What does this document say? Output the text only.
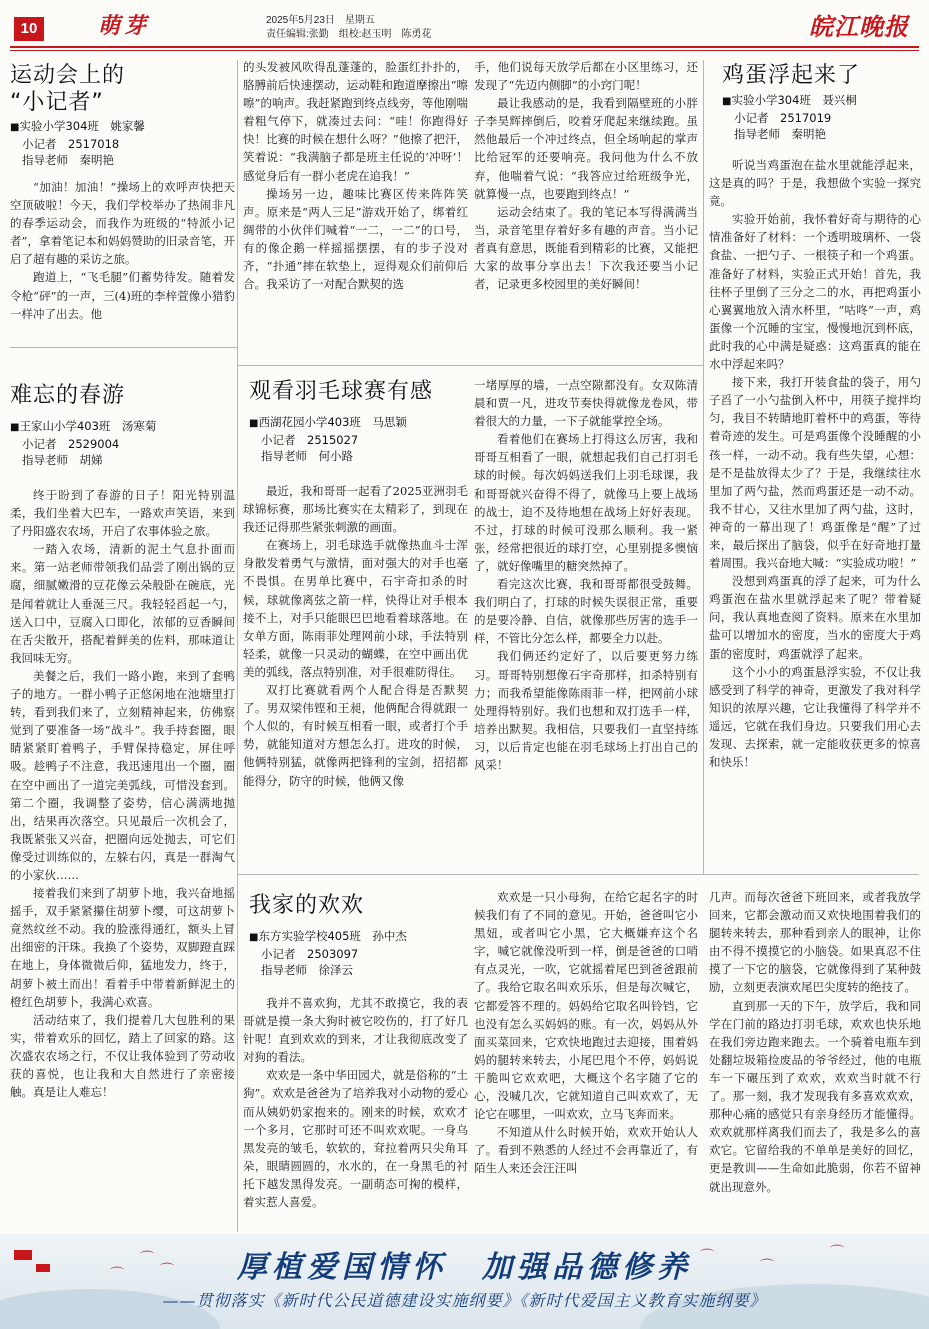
10	萌芽	2025年5月23日　星期五
责任编辑:张勤　组校:赵玉明　陈勇花	皖江晚报
运动会上的
“小记者”
■实验小学304班　姚家馨
小记者　2517018
指导老师　秦明艳

“加油！加油！”操场上的欢呼声快把天空顶破啦！今天，我们学校举办了热闹非凡的春季运动会，而我作为班级的“特派小记者”，拿着笔记本和妈妈赞助的旧录音笔，开启了超有趣的采访之旅。

跑道上，“飞毛腿”们蓄势待发。随着发令枪“砰”的一声，三(4)班的李梓萱像小猎豹一样冲了出去。他

的头发被风吹得乱蓬蓬的，脸蛋红扑扑的，胳膊前后快速摆动，运动鞋和跑道摩擦出“嚓嚓”的响声。我赶紧跑到终点线旁，等他刚喘着粗气停下，就凑过去问：“哇！你跑得好快！比赛的时候在想什么呀？”他擦了把汗，笑着说：“我满脑子都是班主任说的‘冲呀’！感觉身后有一群小老虎在追我！”

操场另一边，趣味比赛区传来阵阵笑声。原来是“两人三足”游戏开始了，绑着红绸带的小伙伴们喊着“一二，一二”的口号，有的像企鹅一样摇摇摆摆，有的步子没对齐，“扑通”摔在软垫上，逗得观众们前仰后合。我采访了一对配合默契的选

手，他们说每天放学后都在小区里练习，还发现了“先迈内侧脚”的小窍门呢！

最让我感动的是，我看到隔壁班的小胖子李昊辉摔倒后，咬着牙爬起来继续跑。虽然他最后一个冲过终点，但全场响起的掌声比给冠军的还要响亮。我问他为什么不放弃，他喘着气说：“我答应过给班级争光，就算慢一点，也要跑到终点！”

运动会结束了。我的笔记本写得满满当当，录音笔里存着好多有趣的声音。当小记者真有意思，既能看到精彩的比赛，又能把大家的故事分享出去！下次我还要当小记者，记录更多校园里的美好瞬间！

鸡蛋浮起来了
■实验小学304班　聂兴桐
小记者　2517019
指导老师　秦明艳

听说当鸡蛋泡在盐水里就能浮起来，这是真的吗？于是，我想做个实验一探究竟。

实验开始前，我怀着好奇与期待的心情准备好了材料：一个透明玻璃杯、一袋食盐、一把勺子、一根筷子和一个鸡蛋。准备好了材料，实验正式开始！首先，我往杯子里倒了三分之二的水，再把鸡蛋小心翼翼地放入清水杯里，“咕咚”一声，鸡蛋像一个沉睡的宝宝，慢慢地沉到杯底，此时我的心中满是疑惑：这鸡蛋真的能在水中浮起来吗？

接下来，我打开装食盐的袋子，用勺子舀了一小勺盐倒入杯中，用筷子搅拌均匀，我目不转睛地盯着杯中的鸡蛋，等待着奇迹的发生。可是鸡蛋像个没睡醒的小孩一样，一动不动。我有些失望，心想：是不是盐放得太少了？于是，我继续往水里加了两勺盐，然而鸡蛋还是一动不动。我不甘心，又往水里加了两勺盐，这时，神奇的一幕出现了！鸡蛋像是“醒”了过来，最后探出了脑袋，似乎在好奇地打量着周围。我兴奋地大喊：“实验成功啦！”

没想到鸡蛋真的浮了起来，可为什么鸡蛋泡在盐水里就浮起来了呢？带着疑问，我认真地查阅了资料。原来在水里加盐可以增加水的密度，当水的密度大于鸡蛋的密度时，鸡蛋就浮了起来。

这个小小的鸡蛋悬浮实验，不仅让我感受到了科学的神奇，更激发了我对科学知识的浓厚兴趣，它让我懂得了科学并不遥远，它就在我们身边。只要我们用心去发现、去探索，就一定能收获更多的惊喜和快乐！

难忘的春游
■王家山小学403班　汤寒菊
小记者　2529004
指导老师　胡娣

终于盼到了春游的日子！阳光特别温柔，我们坐着大巴车，一路欢声笑语，来到了丹阳盛农农场，开启了农事体验之旅。

一踏入农场，清新的泥土气息扑面而来。第一站老师带领我们品尝了刚出锅的豆腐，细腻嫩滑的豆花像云朵般卧在碗底，光是闻着就让人垂涎三尺。我轻轻舀起一勺，送入口中，豆腐入口即化，浓郁的豆香瞬间在舌尖散开，搭配着鲜美的佐料，那味道让我回味无穷。

美餐之后，我们一路小跑，来到了套鸭子的地方。一群小鸭子正悠闲地在池塘里打转，看到我们来了，立刻精神起来，仿佛察觉到了要准备一场“战斗”。我手持套圈，眼睛紧紧盯着鸭子，手臂保持稳定，屏住呼吸。趁鸭子不注意，我迅速甩出一个圈，圈在空中画出了一道完美弧线，可惜没套到。第二个圈，我调整了姿势，信心满满地抛出，结果再次落空。只见最后一次机会了，我既紧张又兴奋，把圈向远处抛去，可它们像受过训练似的，左躲右闪，真是一群淘气的小家伙……

接着我们来到了胡萝卜地，我兴奋地摇摇手，双手紧紧攥住胡萝卜缨，可这胡萝卜竟然纹丝不动。我的脸涨得通红，额头上冒出细密的汗珠。我换了个姿势，双脚蹬直踩在地上，身体微微后仰，猛地发力，终于，胡萝卜被土而出！看着手中带着新鲜泥土的橙红色胡萝卜，我满心欢喜。

活动结束了，我们提着几大包胜利的果实，带着欢乐的回忆，踏上了回家的路。这次盛农农场之行，不仅让我体验到了劳动收获的喜悦，也让我和大自然进行了亲密接触。真是让人难忘！

观看羽毛球赛有感
■西湖花园小学403班　马思颖
小记者　2515027
指导老师　何小路

最近，我和哥哥一起看了2025亚洲羽毛球锦标赛，那场比赛实在太精彩了，到现在我还记得那些紧张刺激的画面。

在赛场上，羽毛球选手就像热血斗士浑身散发着勇气与激情，面对强大的对手也毫不畏惧。在男单比赛中，石宇奇扣杀的时候，球就像离弦之箭一样，快得让对手根本接不上，对手只能眼巴巴地看着球落地。在女单方面，陈雨菲处理网前小球，手法特别轻柔，就像一只灵动的蝴蝶，在空中画出优美的弧线，落点特别准，对手很难防得住。

双打比赛就看两个人配合得是否默契了。男双梁伟铿和王昶，他俩配合得就跟一个人似的，有时候互相看一眼，或者打个手势，就能知道对方想怎么打。进攻的时候，他俩特别猛，就像两把锋利的宝剑，招招都能得分，防守的时候，他俩又像

一堵厚厚的墙，一点空隙都没有。女双陈清晨和贾一凡，进攻节奏快得就像龙卷风，带着很大的力量，一下子就能掌控全场。

看着他们在赛场上打得这么厉害，我和哥哥互相看了一眼，就想起我们自己打羽毛球的时候。每次妈妈送我们上羽毛球课，我和哥哥就兴奋得不得了，就像马上要上战场的战士，迫不及待地想在战场上好好表现。不过，打球的时候可没那么顺利。我一紧张，经常把很近的球打空，心里别提多懊恼了，就好像嘴里的糖突然掉了。

看完这次比赛，我和哥哥都很受鼓舞。我们明白了，打球的时候失误很正常，重要的是要冷静、自信，就像那些厉害的选手一样，不管比分怎么样，都要全力以赴。

我们俩还约定好了，以后要更努力练习。哥哥特别想像石宇奇那样，扣杀特别有力；而我希望能像陈雨菲一样，把网前小球处理得特别好。我们也想和双打选手一样，培养出默契。我相信，只要我们一直坚持练习，以后肯定也能在羽毛球场上打出自己的风采！

我家的欢欢
■东方实验学校405班　孙中杰
小记者　2503097
指导老师　徐泽云

我并不喜欢狗，尤其不敢摸它，我的表哥就是摸一条大狗时被它咬伤的，打了好几针呢！直到欢欢的到来，才让我彻底改变了对狗的看法。

欢欢是一条中华田园犬，就是俗称的“土狗”。欢欢是爸爸为了培养我对小动物的爱心而从姨奶奶家抱来的。刚来的时候，欢欢才一个多月，它那时可还不叫欢欢呢。一身乌黑发亮的皱毛，软软的，耷拉着两只尖角耳朵，眼睛圆圆的，水水的，在一身黑毛的衬托下越发黑得发亮。一副萌态可掬的模样，着实惹人喜爱。

欢欢是一只小母狗，在给它起名字的时候我们有了不同的意见。开始，爸爸叫它小黑妞，或者叫它小黑，它大概嫌弃这个名字，喊它就像没听到一样，倒是爸爸的口哨有点灵光，一吹，它就摇着尾巴到爸爸跟前了。我给它取名叫欢乐乐，但是每次喊它，它都爱答不理的。妈妈给它取名叫铃铛，它也没有怎么买妈妈的账。有一次，妈妈从外面买菜回来，它欢快地跑过去迎接，围着妈妈的腿转来转去，小尾巴甩个不停，妈妈说干脆叫它欢欢吧，大概这个名字随了它的心，没喊几次，它就知道自己叫欢欢了，无论它在哪里，一叫欢欢，立马飞奔而来。

不知道从什么时候开始，欢欢开始认人了。看到不熟悉的人经过不会再靠近了，有陌生人来还会汪汪叫

几声。而每次爸爸下班回来，或者我放学回来，它都会激动而又欢快地围着我们的腿转来转去，那种看到亲人的眼神，让你由不得不摸摸它的小脑袋。如果真忍不住摸了一下它的脑袋，它就像得到了某种鼓励，立刻更表演欢尾巴尖度转的绝技了。

直到那一天的下午，放学后，我和同学在门前的路边打羽毛球，欢欢也快乐地在我们旁边跑来跑去。一个骑着电瓶车到处翻垃圾箱捡废品的爷爷经过，他的电瓶车一下碾压到了欢欢，欢欢当时就不行了。那一刻，我才发现我有多喜欢欢欢，那种心痛的感觉只有亲身经历才能懂得。欢欢就那样离我们而去了，我是多么的喜欢它。它留给我的不单单是美好的回忆，更是教训——生命如此脆弱，你若不留神就出现意外。

⌒
⌒
⌒
⌒
⌒
⌒
厚植爱国情怀　加强品德修养
——贯彻落实《新时代公民道德建设实施纲要》《新时代爱国主义教育实施纲要》
